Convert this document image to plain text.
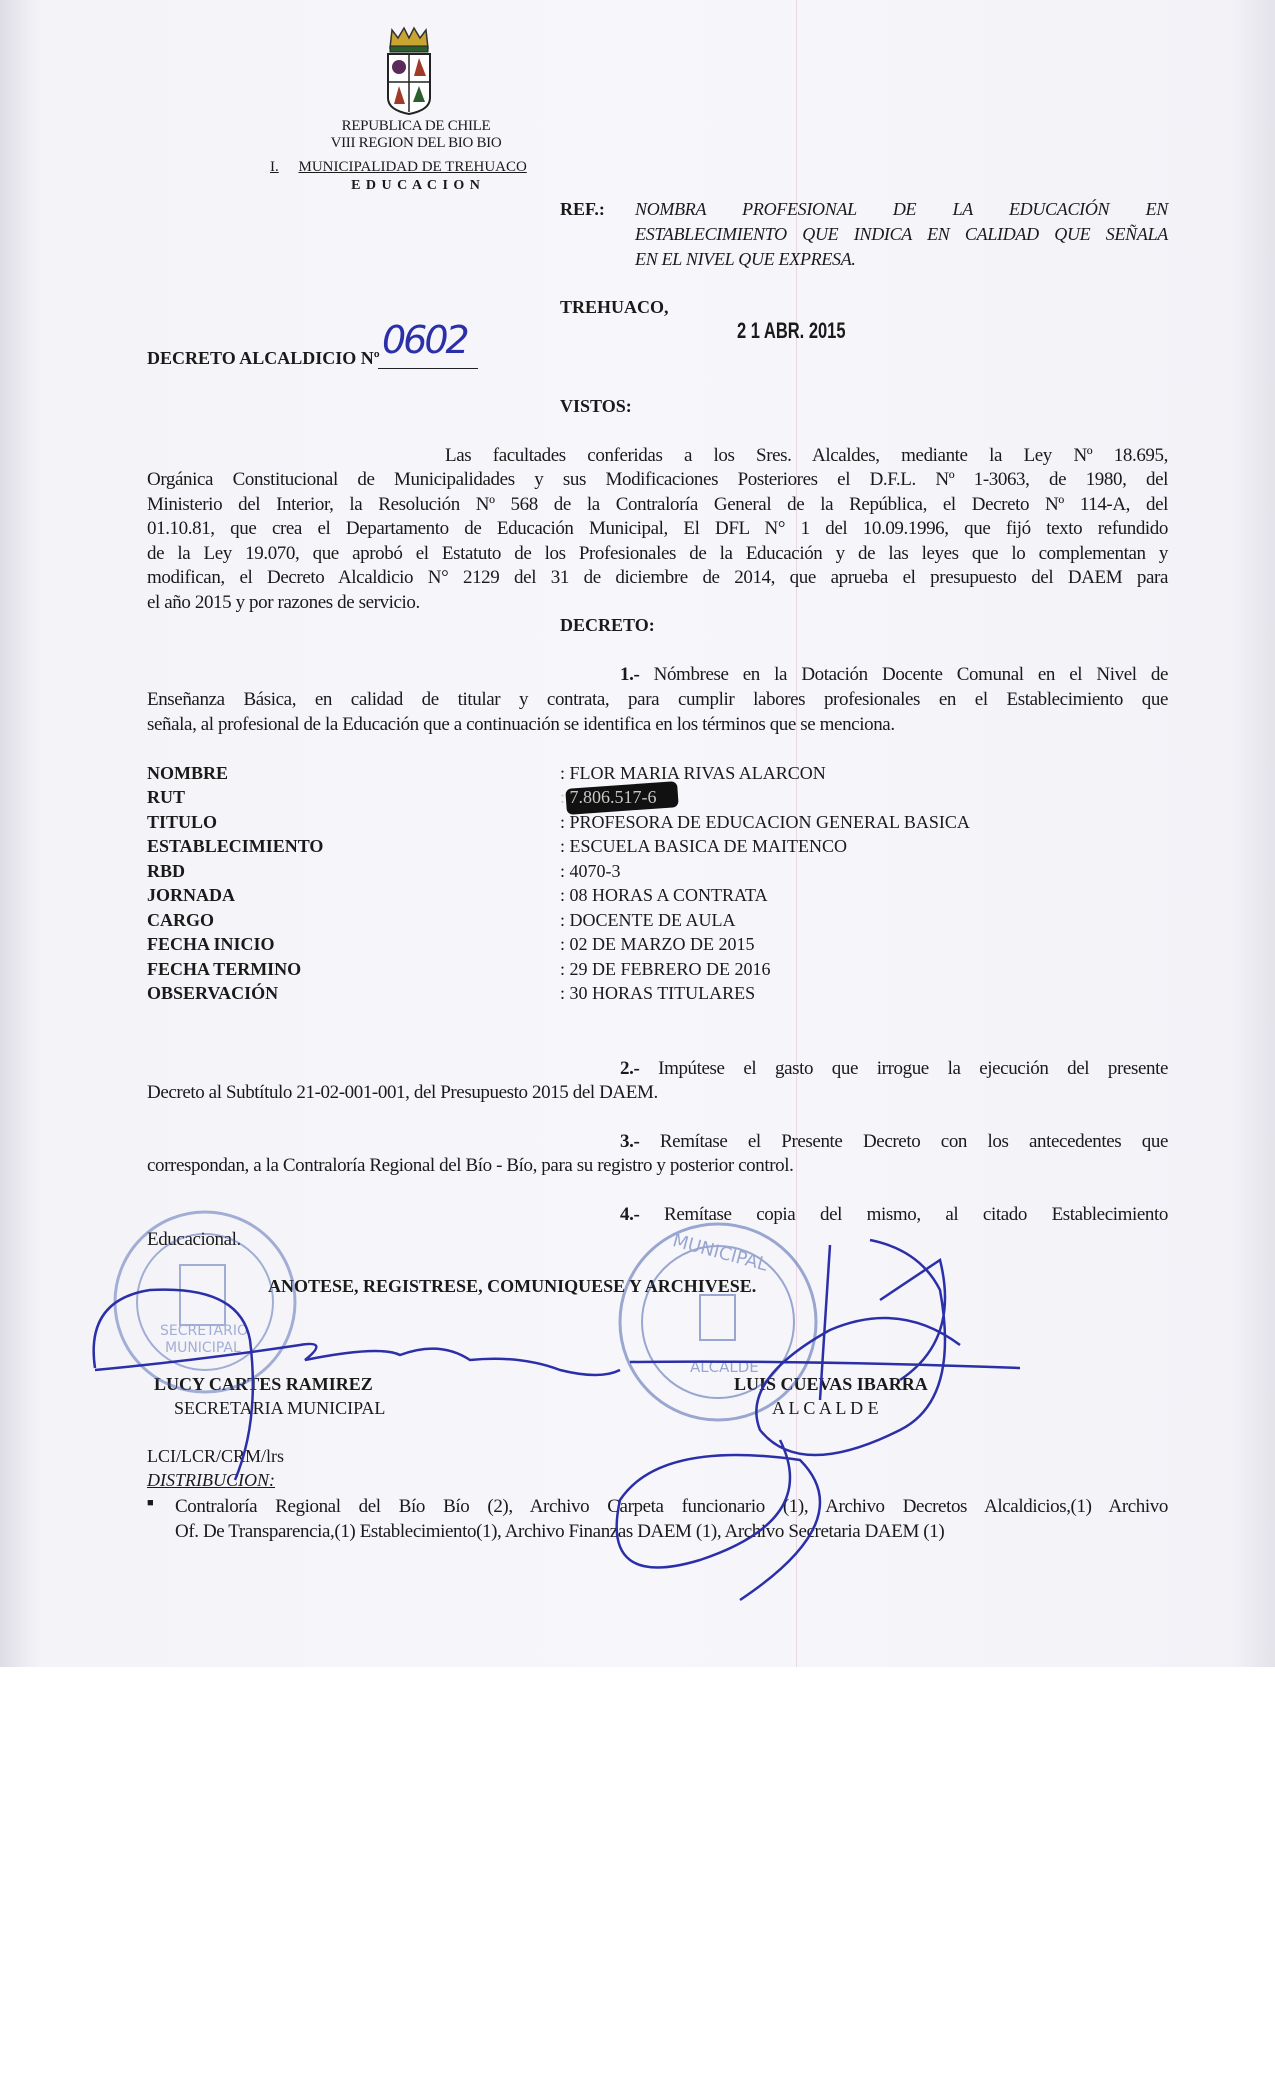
REPUBLICA DE CHILE
VIII REGION DEL BIO BIO
I. MUNICIPALIDAD DE TREHUACO
E D U C A C I O N
REF.: NOMBRA PROFESIONAL DE LA EDUCACIÓN EN
ESTABLECIMIENTO QUE INDICA EN CALIDAD QUE SEÑALA
EN EL NIVEL QUE EXPRESA.
TREHUACO,
2 1 ABR. 2015
DECRETO ALCALDICIO Nº 0602
VISTOS:
Las facultades conferidas a los Sres. Alcaldes, mediante la Ley Nº 18.695,
Orgánica Constitucional de Municipalidades y sus Modificaciones Posteriores el D.F.L. Nº 1-3063, de 1980, del
Ministerio del Interior, la Resolución Nº 568 de la Contraloría General de la República, el Decreto Nº 114-A, del
01.10.81, que crea el Departamento de Educación Municipal, El DFL N° 1 del 10.09.1996, que fijó texto refundido
de la Ley 19.070, que aprobó el Estatuto de los Profesionales de la Educación y de las leyes que lo complementan y
modifican, el Decreto Alcaldicio N° 2129 del 31 de diciembre de 2014, que aprueba el presupuesto del DAEM para
el año 2015 y por razones de servicio.
DECRETO:
1.- Nómbrese en la Dotación Docente Comunal en el Nivel de
Enseñanza Básica, en calidad de titular y contrata, para cumplir labores profesionales en el Establecimiento que
señala, al profesional de la Educación que a continuación se identifica en los términos que se menciona.
NOMBRE	: FLOR MARIA RIVAS ALARCON
RUT	: 7.806.517-6
TITULO	: PROFESORA DE EDUCACION GENERAL BASICA
ESTABLECIMIENTO	: ESCUELA BASICA DE MAITENCO
RBD	: 4070-3
JORNADA	: 08 HORAS A CONTRATA
CARGO	: DOCENTE DE AULA
FECHA INICIO	: 02 DE MARZO DE 2015
FECHA TERMINO	: 29 DE FEBRERO DE 2016
OBSERVACIÓN	: 30 HORAS TITULARES
2.- Impútese el gasto que irrogue la ejecución del presente
Decreto al Subtítulo 21-02-001-001, del Presupuesto 2015 del DAEM.
3.- Remítase el Presente Decreto con los antecedentes que
correspondan, a la Contraloría Regional del Bío - Bío, para su registro y posterior control.
4.- Remítase copia del mismo, al citado Establecimiento
Educacional.
ANOTESE, REGISTRESE, COMUNIQUESE Y ARCHIVESE.
LUCY CARTES RAMIREZ
SECRETARIA MUNICIPAL
LUIS CUEVAS IBARRA
A L C A L D E
LCI/LCR/CRM/lrs
DISTRIBUCION:
■ Contraloría Regional del Bío Bío (2), Archivo Carpeta funcionario (1), Archivo Decretos Alcaldicios,(1) Archivo
Of. De Transparencia,(1) Establecimiento(1), Archivo Finanzas DAEM (1), Archivo Secretaria DAEM (1)
SECRETARIO
MUNICIPAL
MUNICIPAL
ALCALDE
